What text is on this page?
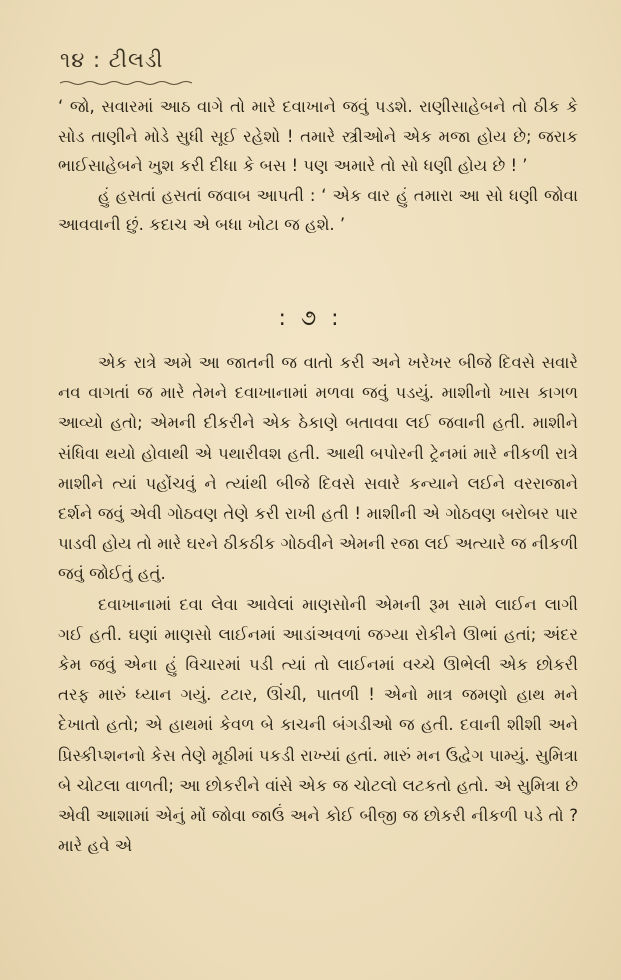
૧૪ : ટીલડી

‘ જો, સવારમાં આઠ વાગે તો મારે દવાખાને જવું પડશે. રાણીસાહેબને તો ઠીક કે સોડ તાણીને મોડે સુધી સૂઈ રહેશો ! તમારે સ્ત્રીઓને એક મજા હોય છે; જરાક ભાઈસાહેબને ખુશ કરી દીધા કે બસ ! પણ અમારે તો સો ધણી હોય છે ! ’

હું હસતાં હસતાં જવાબ આપતી : ‘ એક વાર હું તમારા આ સો ધણી જોવા આવવાની છું. કદાચ એ બધા ખોટા જ હશે. ’

: ૭ :

એક રાત્રે અમે આ જાતની જ વાતો કરી અને ખરેખર બીજે દિવસે સવારે નવ વાગતાં જ મારે તેમને દવાખાનામાં મળવા જવું પડયું. માશીનો ખાસ કાગળ આવ્યો હતો; એમની દીકરીને એક ઠેકાણે બતાવવા લઈ જવાની હતી. માશીને સંધિવા થયો હોવાથી એ પથારીવશ હતી. આથી બપોરની ટ્રેનમાં મારે નીકળી રાત્રે માશીને ત્યાં પહોંચવું ને ત્યાંથી બીજે દિવસે સવારે કન્યાને લઈને વરરાજાને દર્શને જવું એવી ગોઠવણ તેણે કરી રાખી હતી ! માશીની એ ગોઠવણ બરોબર પાર પાડવી હોય તો મારે ઘરને ઠીકઠીક ગોઠવીને એમની રજા લઈ અત્યારે જ નીકળી જવું જોઈતું હતું.

દવાખાનામાં દવા લેવા આવેલાં માણસોની એમની રૂમ સામે લાઈન લાગી ગઈ હતી. ઘણાં માણસો લાઈનમાં આડાંઅવળાં જગ્યા રોકીને ઊભાં હતાં; અંદર કેમ જવું એના હું વિચારમાં પડી ત્યાં તો લાઈનમાં વચ્ચે ઊભેલી એક છોકરી તરફ મારું ધ્યાન ગયું. ટટાર, ઊંચી, પાતળી ! એનો માત્ર જમણો હાથ મને દેખાતો હતો; એ હાથમાં કેવળ બે કાચની બંગડીઓ જ હતી. દવાની શીશી અને પ્રિસ્કીપ્શનનો કેસ તેણે મૂઠીમાં પકડી રાખ્યાં હતાં. મારું મન ઉદ્વેગ પામ્યું. સુમિત્રા બે ચોટલા વાળતી; આ છોકરીને વાંસે એક જ ચોટલો લટકતો હતો. એ સુમિત્રા છે એવી આશામાં એનું મોં જોવા જાઉં અને કોઈ બીજી જ છોકરી નીકળી પડે તો ? મારે હવે એ
